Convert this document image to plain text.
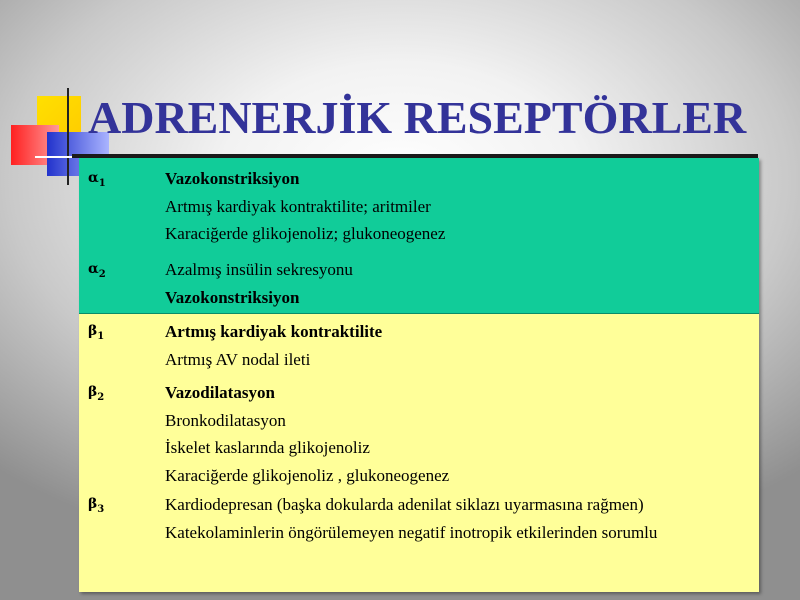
ADRENERJİK RESEPTÖRLER
$\alpha_1$	Vazokonstriksiyon
Artmış kardiyak kontraktilite; aritmiler
Karaciğerde glikojenoliz; glukoneogenez
$\alpha_2$	Azalmış insülin sekresyonu
Vazokonstriksiyon
$\beta_1$	Artmış kardiyak kontraktilite
Artmış AV nodal ileti
$\beta_2$	Vazodilatasyon
Bronkodilatasyon
İskelet kaslarında glikojenoliz
Karaciğerde glikojenoliz , glukoneogenez
$\beta_3$	Kardiodepresan (başka dokularda adenilat siklazı uyarmasına rağmen)
Katekolaminlerin öngörülemeyen negatif inotropik etkilerinden sorumlu
